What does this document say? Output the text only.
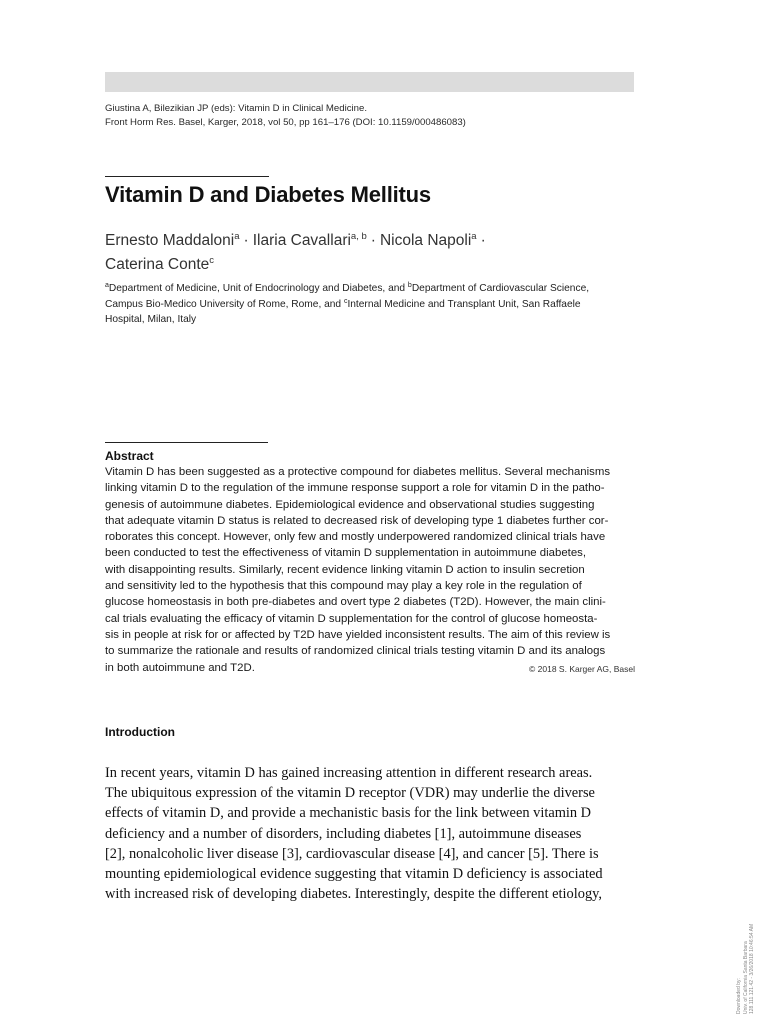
Giustina A, Bilezikian JP (eds): Vitamin D in Clinical Medicine.
Front Horm Res. Basel, Karger, 2018, vol 50, pp 161–176 (DOI: 10.1159/000486083)
Vitamin D and Diabetes Mellitus
Ernesto Maddaloni$^a$ · Ilaria Cavallari$^{a, b}$ · Nicola Napoli$^a$ ·
Caterina Conte$^c$
$^a$Department of Medicine, Unit of Endocrinology and Diabetes, and $^b$Department of Cardiovascular Science,
Campus Bio-Medico University of Rome, Rome, and $^c$Internal Medicine and Transplant Unit, San Raffaele
Hospital, Milan, Italy
Abstract
Vitamin D has been suggested as a protective compound for diabetes mellitus. Several mechanisms
linking vitamin D to the regulation of the immune response support a role for vitamin D in the patho-
genesis of autoimmune diabetes. Epidemiological evidence and observational studies suggesting
that adequate vitamin D status is related to decreased risk of developing type 1 diabetes further cor-
roborates this concept. However, only few and mostly underpowered randomized clinical trials have
been conducted to test the effectiveness of vitamin D supplementation in autoimmune diabetes,
with disappointing results. Similarly, recent evidence linking vitamin D action to insulin secretion
and sensitivity led to the hypothesis that this compound may play a key role in the regulation of
glucose homeostasis in both pre-diabetes and overt type 2 diabetes (T2D). However, the main clini-
cal trials evaluating the efficacy of vitamin D supplementation for the control of glucose homeosta-
sis in people at risk for or affected by T2D have yielded inconsistent results. The aim of this review is
to summarize the rationale and results of randomized clinical trials testing vitamin D and its analogs
in both autoimmune and T2D.	© 2018 S. Karger AG, Basel
Introduction
In recent years, vitamin D has gained increasing attention in different research areas.
The ubiquitous expression of the vitamin D receptor (VDR) may underlie the diverse
effects of vitamin D, and provide a mechanistic basis for the link between vitamin D
deficiency and a number of disorders, including diabetes [1], autoimmune diseases
[2], nonalcoholic liver disease [3], cardiovascular disease [4], and cancer [5]. There is
mounting epidemiological evidence suggesting that vitamin D deficiency is associated
with increased risk of developing diabetes. Interestingly, despite the different etiology,
Downloaded by: Univ. of California Santa Barbara 128.111.121.42 - 3/26/2018 10:46:54 AM
